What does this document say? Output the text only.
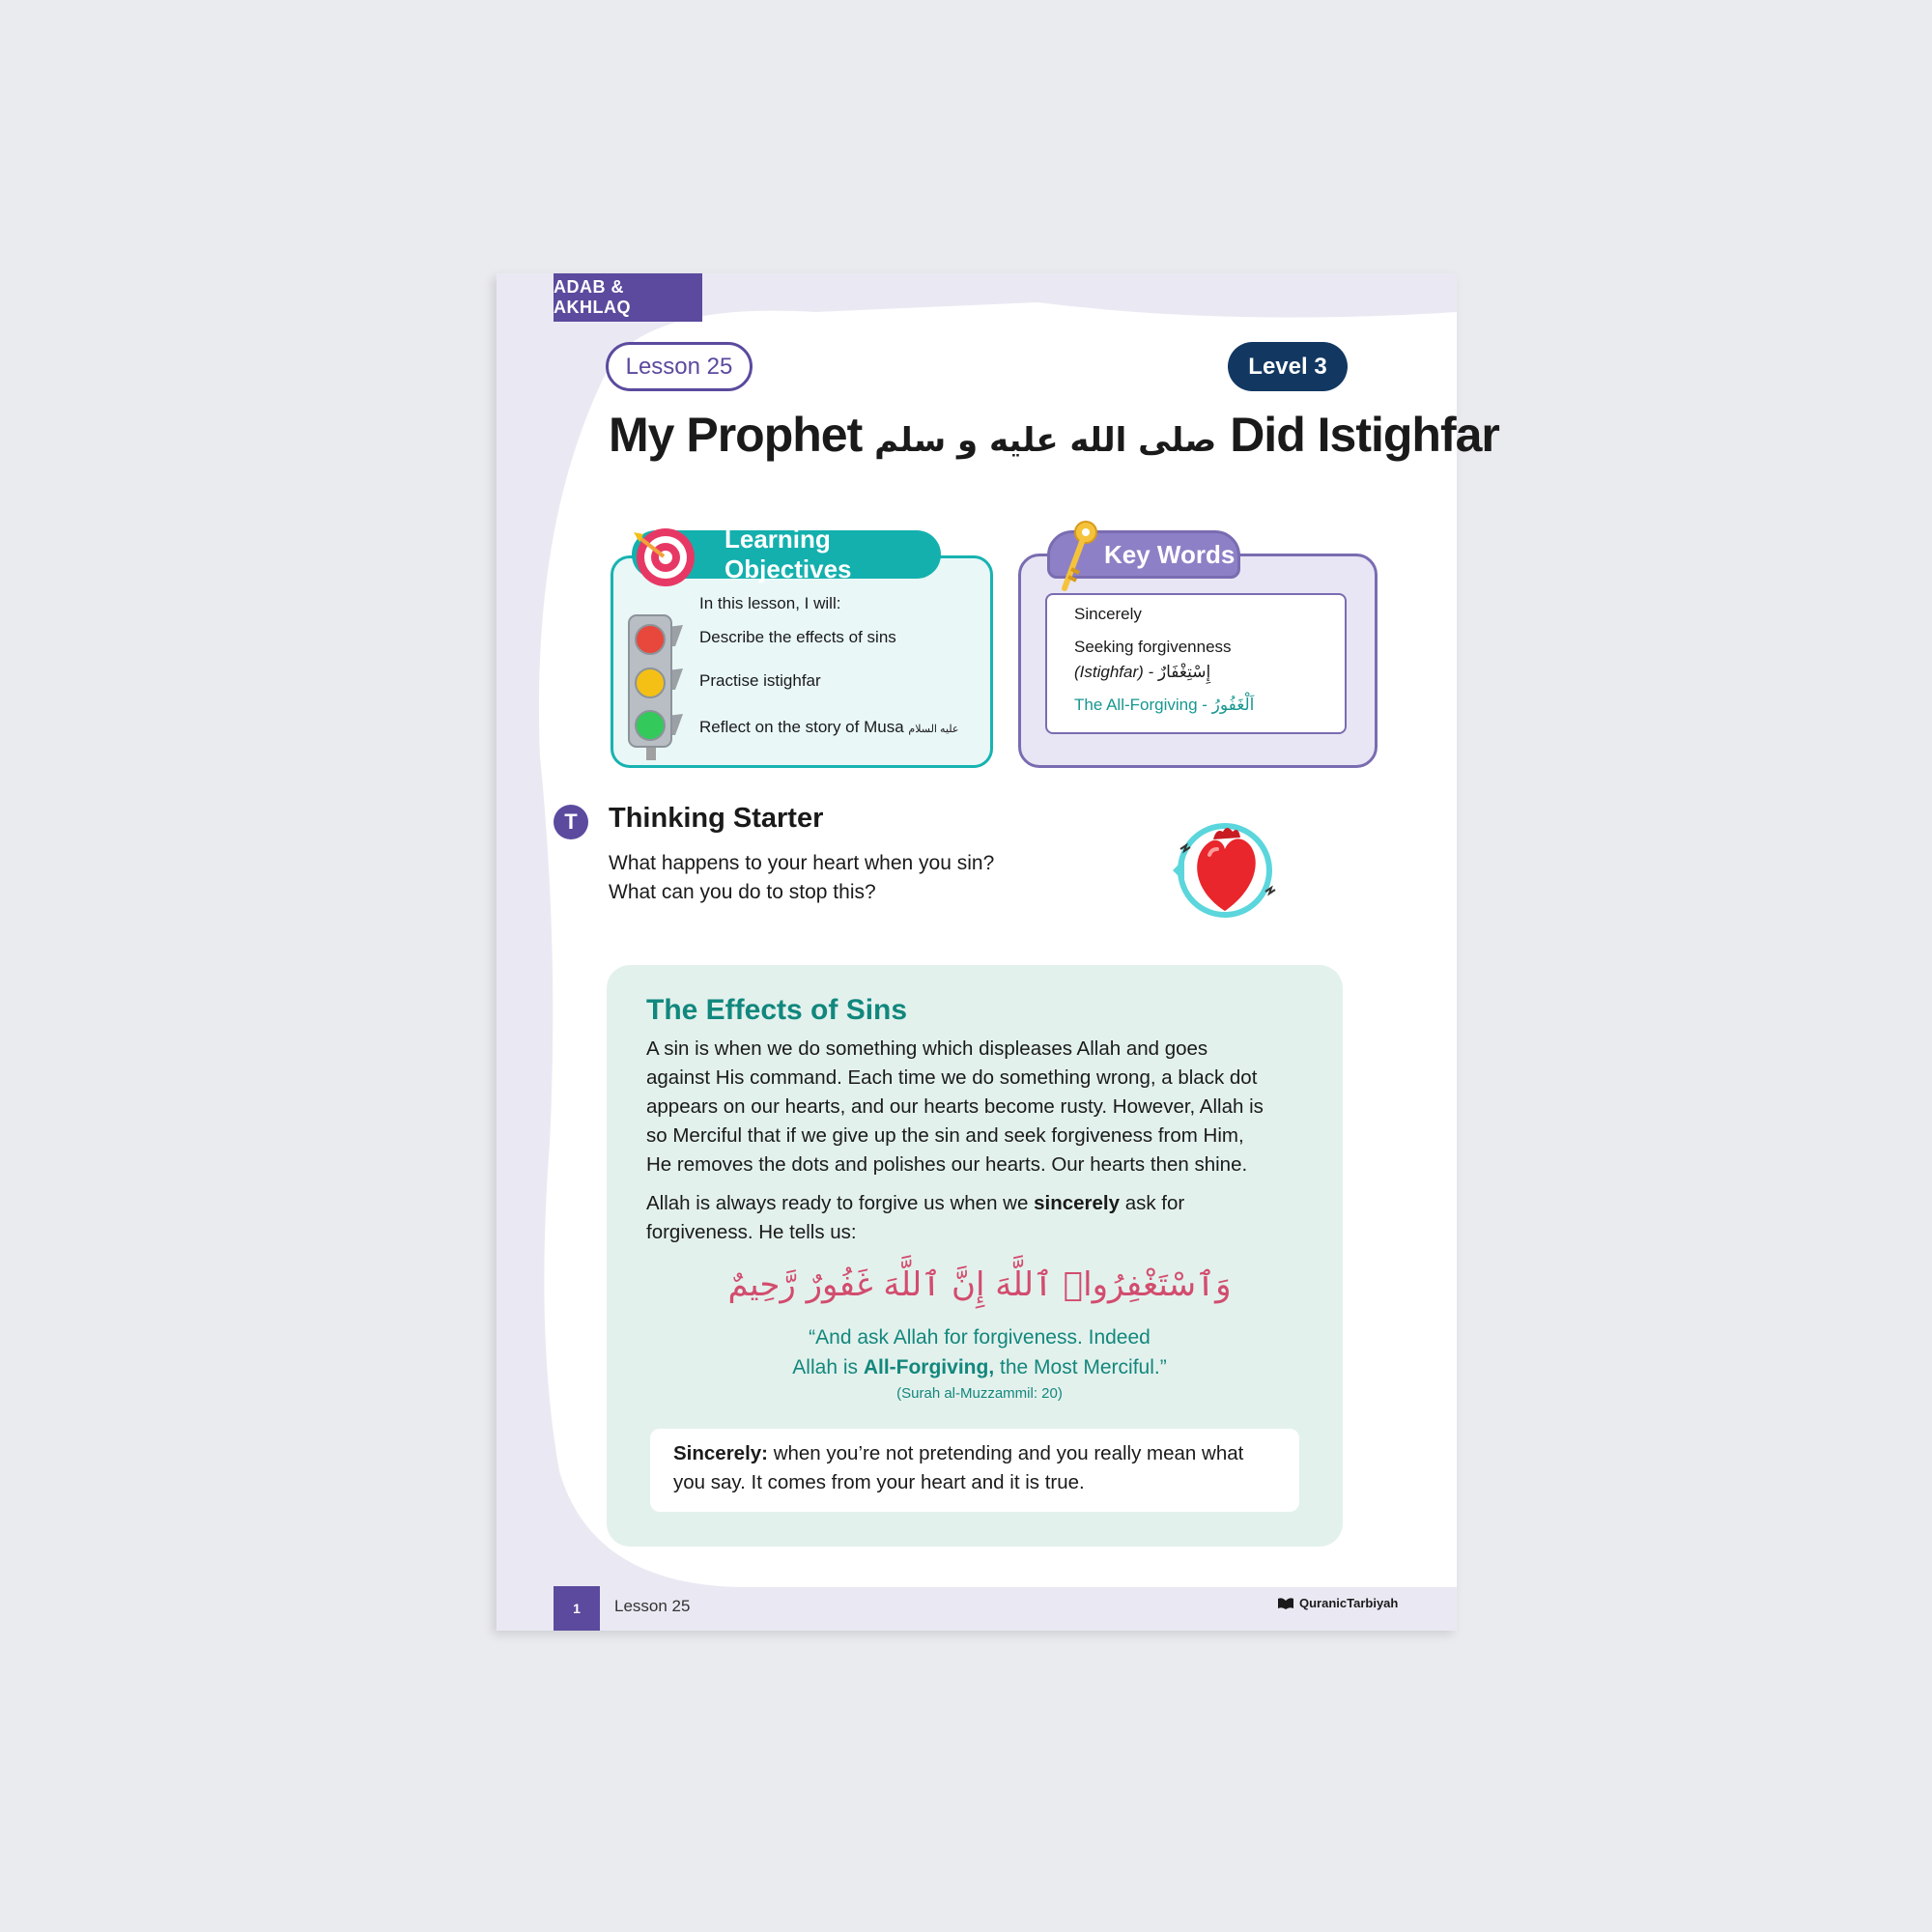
ADAB & AKHLAQ
Lesson 25	Level 3
My Prophet صلى الله عليه و سلم Did Istighfar
Learning Objectives
In this lesson, I will:
Describe the effects of sins
Practise istighfar
Reflect on the story of Musa عليه السلام
Key Words
Sincerely
Seeking forgivenness
(Istighfar) - إِسْتِغْفَارٌ
The All-Forgiving - اَلْغَفُورُ
T	Thinking Starter
What happens to your heart when you sin?
What can you do to stop this?
The Effects of Sins
A sin is when we do something which displeases Allah and goes
against His command. Each time we do something wrong, a black dot
appears on our hearts, and our hearts become rusty. However, Allah is
so Merciful that if we give up the sin and seek forgiveness from Him,
He removes the dots and polishes our hearts. Our hearts then shine.
Allah is always ready to forgive us when we sincerely ask for
forgiveness. He tells us:
وَٱسْتَغْفِرُوا۟ ٱللَّهَ إِنَّ ٱللَّهَ غَفُورٌ رَّحِيمٌ
“And ask Allah for forgiveness. Indeed
Allah is All-Forgiving, the Most Merciful.”
(Surah al-Muzzammil: 20)
Sincerely: when you’re not pretending and you really mean what
you say. It comes from your heart and it is true.
1	Lesson 25	QuranicTarbiyah
